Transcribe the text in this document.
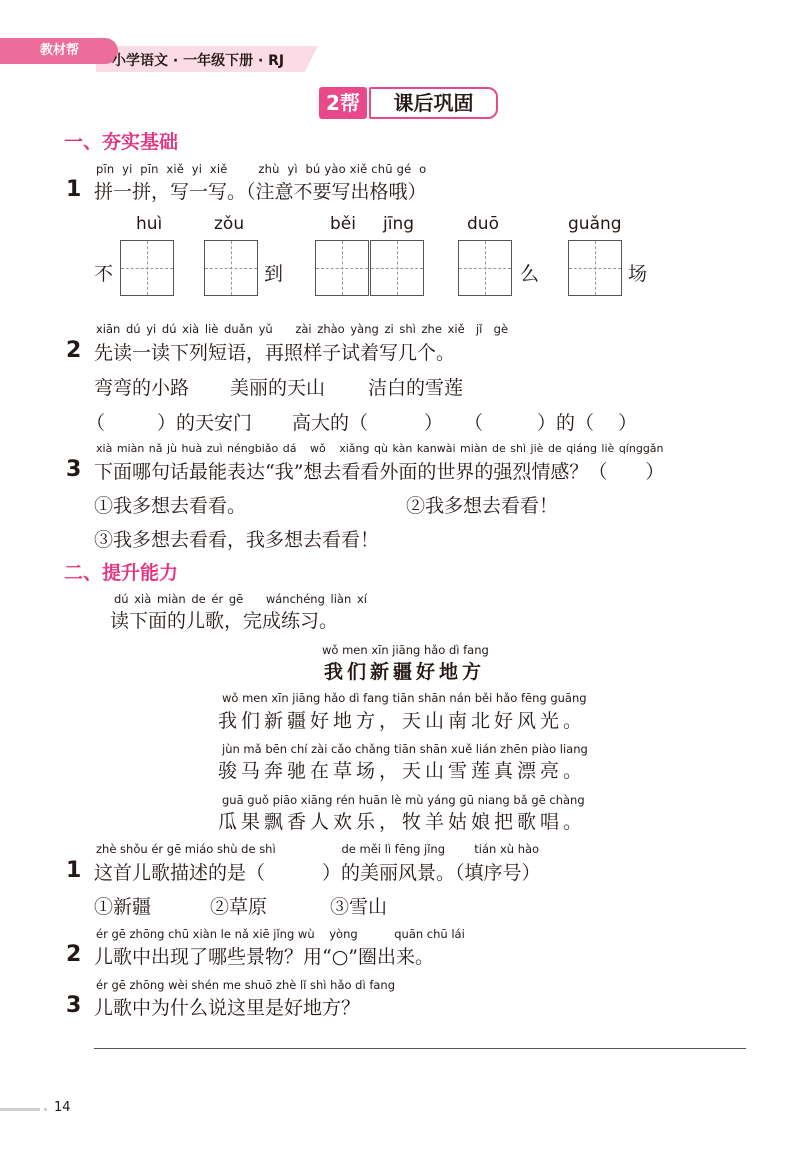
教材帮
小学语文 · 一年级下册 · RJ
2帮	课后巩固
一、夯实基础
pīn yi pīn xiě yi xiě	zhù yì bú yào xiě chū gé o
1 拼一拼，写一写。（注意不要写出格哦）
huì	zǒu	běi jīng	duō	guǎng
不	到	么	场
xiān dú yi dú xià liè duǎn yǔ zài zhào yàng zi shì zhe xiě jǐ gè
2 先读一读下列短语，再照样子试着写几个。
弯弯的小路 美丽的天山 洁白的雪莲
（	）的天安门 高大的（	） （	）的（ ）
xià miàn nǎ jù huà zuì néngbiǎo dá wǒ xiǎng qù kàn kanwài miàn de shì jiè de qiáng liè qínggǎn
3 下面哪句话最能表达“我”想去看看外面的世界的强烈情感？（　　）
①我多想去看看。	②我多想去看看！
③我多想去看看，我多想去看看！
二、提升能力
dú xià miàn de ér gē wánchéng liàn xí
读下面的儿歌，完成练习。
wǒ men xīn jiāng hǎo dì fang
我们新疆好地方
wǒ men xīn jiāng hǎo dì fang tiān shān nán běi hǎo fēng guāng
我们新疆好地方，天山南北好风光。
jùn mǎ bēn chí zài cǎo chǎng tiān shān xuě lián zhēn piào liang
骏马奔驰在草场，天山雪莲真漂亮。
guā guǒ piāo xiāng rén huān lè mù yáng gū niang bǎ gē chàng
瓜果飘香人欢乐，牧羊姑娘把歌唱。
zhè shǒu ér gē miáo shù de shì                  de měi lì fēng jǐng        tián xù hào
1 这首儿歌描述的是（　　　）的美丽风景。（填序号）
①新疆	②草原	③雪山
ér gē zhōng chū xiàn le nǎ xiē jǐng wù    yòng          quān chū lái
2 儿歌中出现了哪些景物？用“○”圈出来。
ér gē zhōng wèi shén me shuō zhè lǐ shì hǎo dì fang
3 儿歌中为什么说这里是好地方？
14
